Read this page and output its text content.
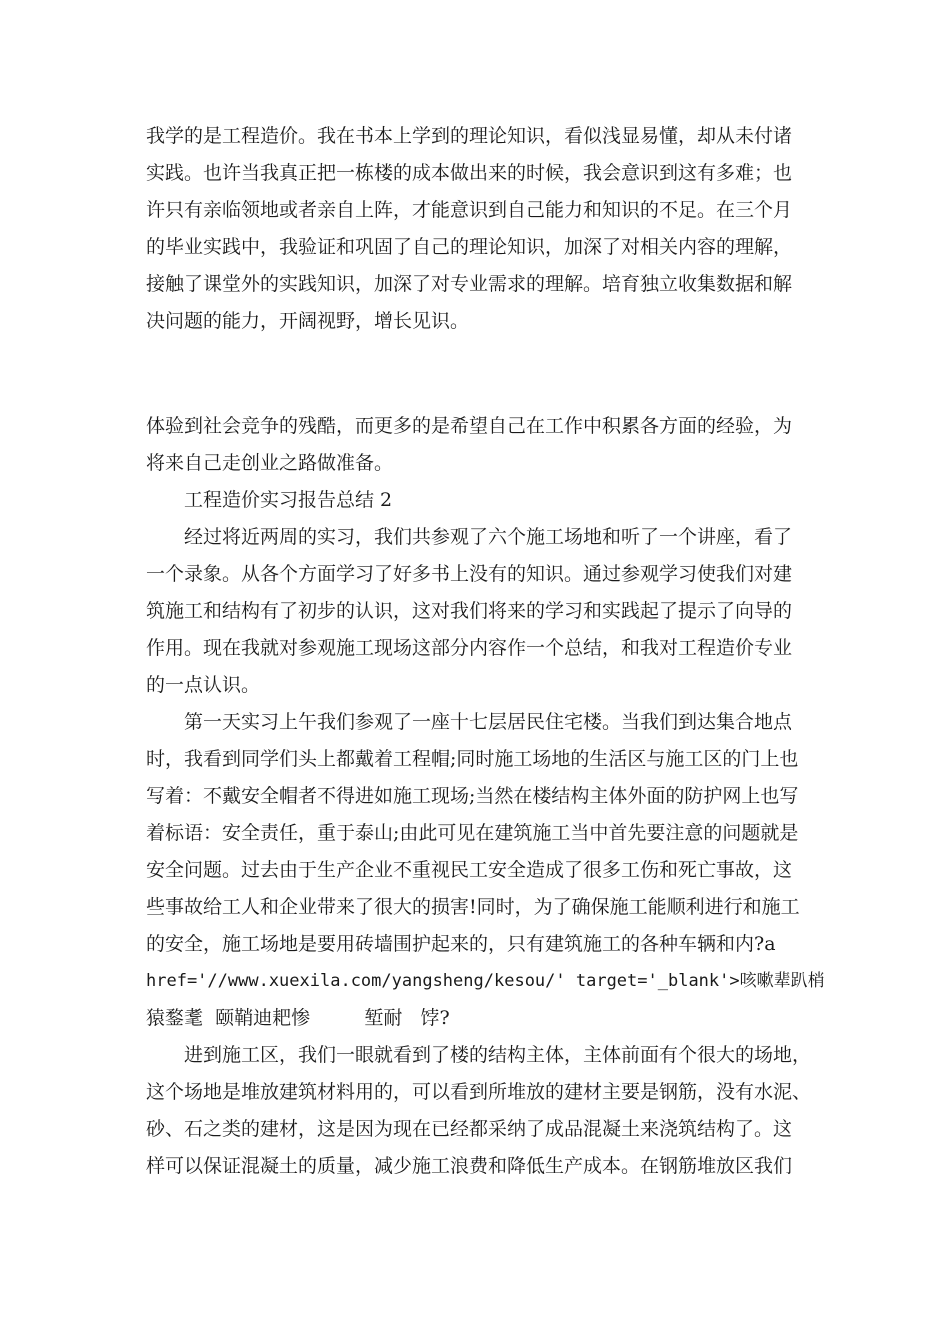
我学的是工程造价。我在书本上学到的理论知识，看似浅显易懂，却从未付诸

实践。也许当我真正把一栋楼的成本做出来的时候，我会意识到这有多难；也

许只有亲临领地或者亲自上阵，才能意识到自己能力和知识的不足。在三个月

的毕业实践中，我验证和巩固了自己的理论知识，加深了对相关内容的理解，

接触了课堂外的实践知识，加深了对专业需求的理解。培育独立收集数据和解

决问题的能力，开阔视野，增长见识。

体验到社会竞争的残酷，而更多的是希望自己在工作中积累各方面的经验，为

将来自己走创业之路做准备。

工程造价实习报告总结 2

经过将近两周的实习，我们共参观了六个施工场地和听了一个讲座，看了

一个录象。从各个方面学习了好多书上没有的知识。通过参观学习使我们对建

筑施工和结构有了初步的认识，这对我们将来的学习和实践起了提示了向导的

作用。现在我就对参观施工现场这部分内容作一个总结，和我对工程造价专业

的一点认识。

第一天实习上午我们参观了一座十七层居民住宅楼。当我们到达集合地点

时，我看到同学们头上都戴着工程帽;同时施工场地的生活区与施工区的门上也

写着：不戴安全帽者不得进如施工现场;当然在楼结构主体外面的防护网上也写

着标语：安全责任，重于泰山;由此可见在建筑施工当中首先要注意的问题就是

安全问题。过去由于生产企业不重视民工安全造成了很多工伤和死亡事故，这

些事故给工人和企业带来了很大的损害!同时，为了确保施工能顺利进行和施工

的安全，施工场地是要用砖墙围护起来的，只有建筑施工的各种车辆和内?a

href='//www.xuexila.com/yangsheng/kesou/' target='_blank'>咳嗽辈趴梢

猿鍪耄  颐鞘迪耙惨         堑耐   饽?

进到施工区，我们一眼就看到了楼的结构主体，主体前面有个很大的场地，

这个场地是堆放建筑材料用的，可以看到所堆放的建材主要是钢筋，没有水泥、

砂、石之类的建材，这是因为现在已经都采纳了成品混凝土来浇筑结构了。这

样可以保证混凝土的质量，减少施工浪费和降低生产成本。在钢筋堆放区我们
